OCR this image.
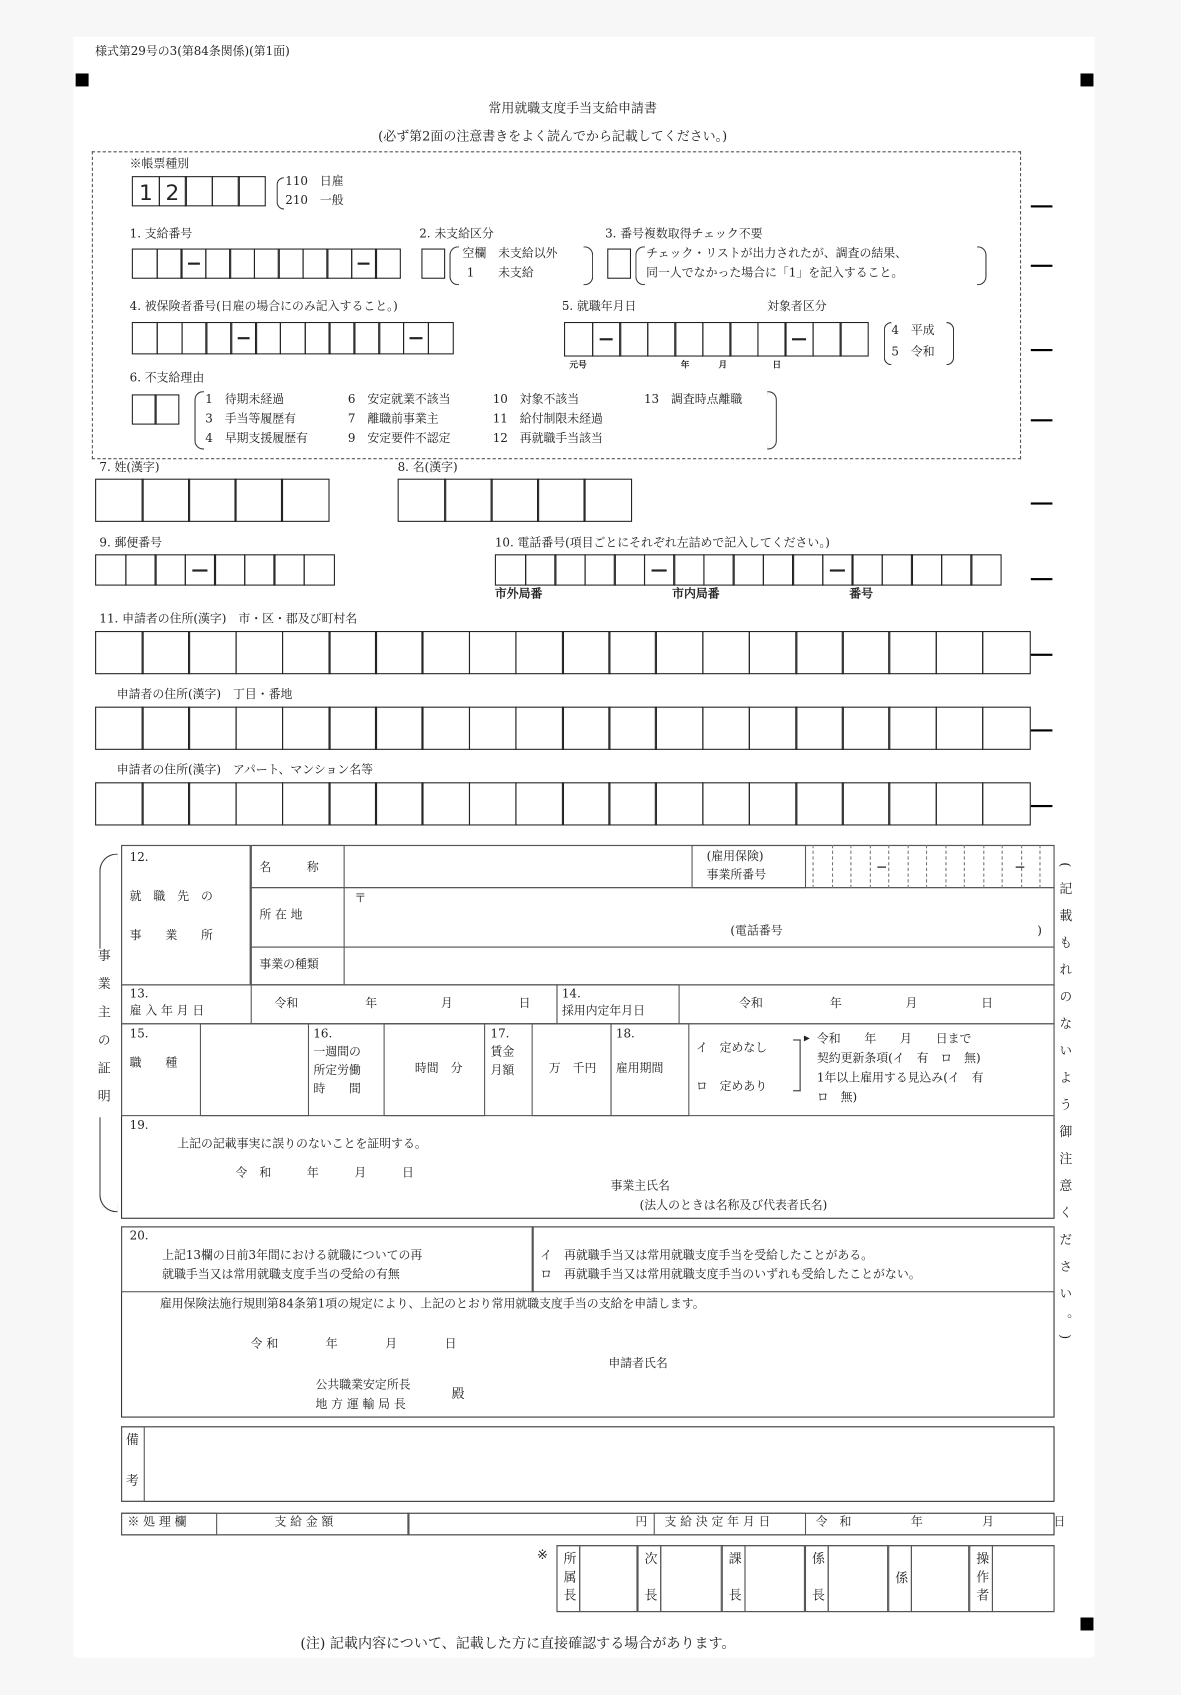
様式第29号の3(第84条関係)(第1面)
常用就職支度手当支給申請書
(必ず第2面の注意書きをよく読んでから記載してください。)
※帳票種別
1 2	110　日雇
210　一般
1. 支給番号	2. 未支給区分
空欄　未支給以外
1　　未支給
3. 番号複数取得チェック不要
チェック・リストが出力されたが、調査の結果、
同一人でなかった場合に「1」を記入すること。
4. 被保険者番号(日雇の場合にのみ記入すること。)	5. 就職年月日	対象者区分
元号	年	月	日
4　平成
5　令和
6. 不支給理由
1　待期未経過	6　安定就業不該当	10　対象不該当	13　調査時点離職
3　手当等履歴有	7　離職前事業主	11　給付制限未経過
4　早期支援履歴有	9　安定要件不認定	12　再就職手当該当
7. 姓(漢字)	8. 名(漢字)
9. 郵便番号	10. 電話番号(項目ごとにそれぞれ左詰めで記入してください。)
市外局番	市内局番	番号
11. 申請者の住所(漢字)　市・区・郡及び町村名
申請者の住所(漢字)　丁目・番地
申請者の住所(漢字)　アパート、マンション名等
12.
就　職　先　の
事　　業　　所
名　　　称
(雇用保険)
事業所番号
所 在 地
〒
(電話番号	)
事業の種類
13.
雇 入 年 月 日
令和	年	月	日
14.
採用内定年月日
令和	年	月	日
15.
職　　種
16.
一週間の
所定労働
時　　間
時間　分
17.
賃金
月額	万　千円
18.
雇用期間
イ　定めなし
ロ　定めあり
▸ 令和　　年　　月　　日まで
契約更新条項(イ　有　ロ　無)
1年以上雇用する見込み(イ　有
ロ　無)
19.
上記の記載事実に誤りのないことを証明する。
令　和　　　年　　　月　　　日
事業主氏名
(法人のときは名称及び代表者氏名)
事業主の証明	(記載もれのないよう御注意ください。)
20.
上記13欄の日前3年間における就職についての再
就職手当又は常用就職支度手当の受給の有無
イ　再就職手当又は常用就職支度手当を受給したことがある。
ロ　再就職手当又は常用就職支度手当のいずれも受給したことがない。
雇用保険法施行規則第84条第1項の規定により、上記のとおり常用就職支度手当の支給を申請します。
令 和　　　　年　　　　月　　　　日
申請者氏名
公共職業安定所長
地 方 運 輸 局 長
殿
備考
※ 処 理 欄	支 給 金 額	円 支 給 決 定 年 月 日	令　和　　　　　年　　　　　月　　　　　日
※ 所属長	次長	課長	係長	係	操作者
(注) 記載内容について、記載した方に直接確認する場合があります。
